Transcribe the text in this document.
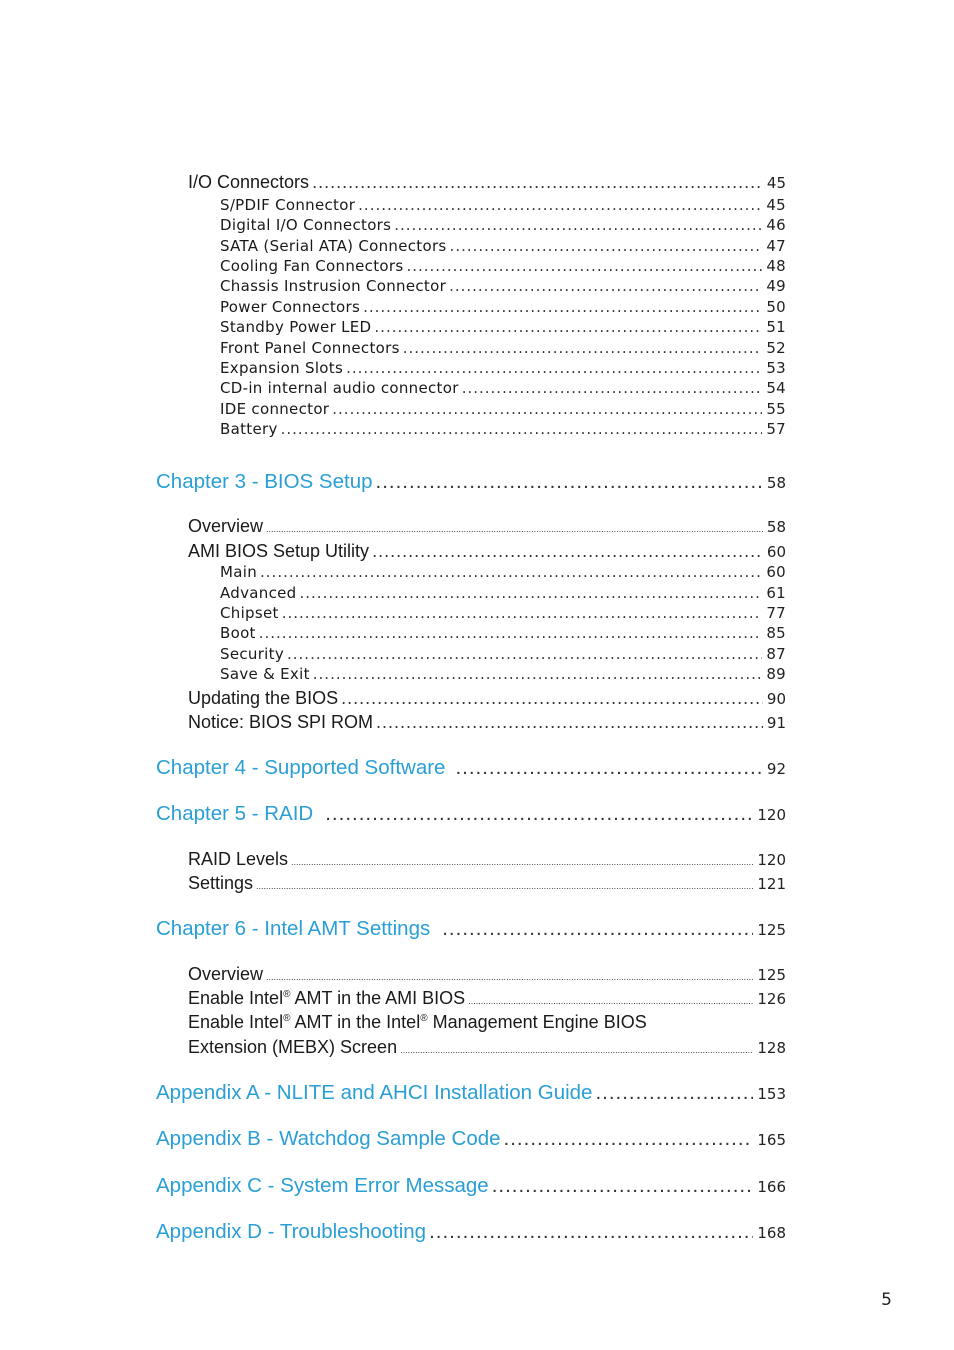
I/O Connectors .....	45
S/PDIF Connector .....	45
Digital I/O Connectors .....	46
SATA (Serial ATA) Connectors .....	47
Cooling Fan Connectors .....	48
Chassis Instrusion Connector .....	49
Power Connectors .....	50
Standby Power LED .....	51
Front Panel Connectors .....	52
Expansion Slots .....	53
CD-in internal audio connector .....	54
IDE connector .....	55
Battery .....	57
Chapter 3 - BIOS Setup .....	58
Overview .....	58
AMI BIOS Setup Utility .....	60
Main .....	60
Advanced .....	61
Chipset .....	77
Boot .....	85
Security .....	87
Save & Exit .....	89
Updating the BIOS .....	90
Notice: BIOS SPI ROM .....	91
Chapter 4 - Supported Software .....	92
Chapter 5 - RAID .....	120
RAID Levels .....	120
Settings .....	121
Chapter 6 - Intel AMT Settings .....	125
Overview .....	125
Enable Intel® AMT in the AMI BIOS .....	126
Enable Intel® AMT in the Intel® Management Engine BIOS
Extension (MEBX) Screen .....	128
Appendix A - NLITE and AHCI Installation Guide .....	153
Appendix B - Watchdog Sample Code .....	165
Appendix C - System Error Message .....	166
Appendix D - Troubleshooting .....	168
5
